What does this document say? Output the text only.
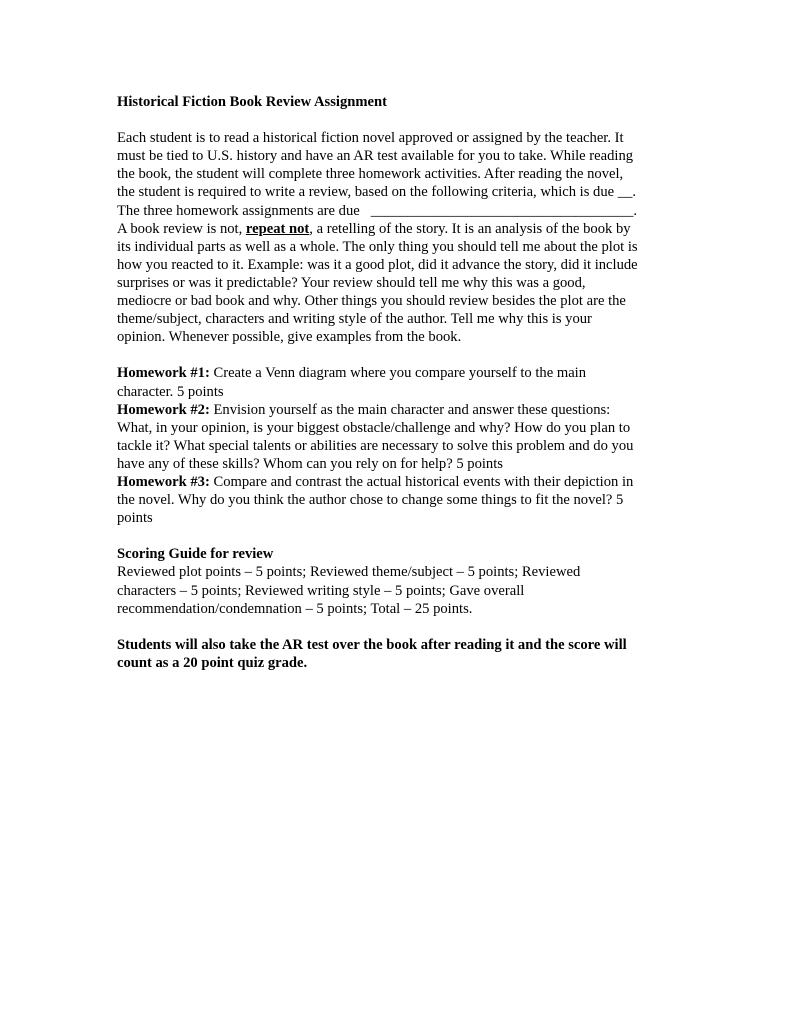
Historical Fiction Book Review Assignment
Each student is to read a historical fiction novel approved or assigned by the teacher. It
must be tied to U.S. history and have an AR test available for you to take. While reading
the book, the student will complete three homework activities. After reading the novel,
the student is required to write a review, based on the following criteria, which is due __.
The three homework assignments are due   ____________________________________.
A book review is not, repeat not, a retelling of the story. It is an analysis of the book by
its individual parts as well as a whole. The only thing you should tell me about the plot is
how you reacted to it. Example: was it a good plot, did it advance the story, did it include
surprises or was it predictable? Your review should tell me why this was a good,
mediocre or bad book and why. Other things you should review besides the plot are the
theme/subject, characters and writing style of the author. Tell me why this is your
opinion. Whenever possible, give examples from the book.
Homework #1: Create a Venn diagram where you compare yourself to the main
character. 5 points
Homework #2: Envision yourself as the main character and answer these questions:
What, in your opinion, is your biggest obstacle/challenge and why? How do you plan to
tackle it? What special talents or abilities are necessary to solve this problem and do you
have any of these skills? Whom can you rely on for help? 5 points
Homework #3: Compare and contrast the actual historical events with their depiction in
the novel. Why do you think the author chose to change some things to fit the novel? 5
points
Scoring Guide for review
Reviewed plot points – 5 points; Reviewed theme/subject – 5 points; Reviewed
characters – 5 points; Reviewed writing style – 5 points; Gave overall
recommendation/condemnation – 5 points; Total – 25 points.
Students will also take the AR test over the book after reading it and the score will
count as a 20 point quiz grade.
